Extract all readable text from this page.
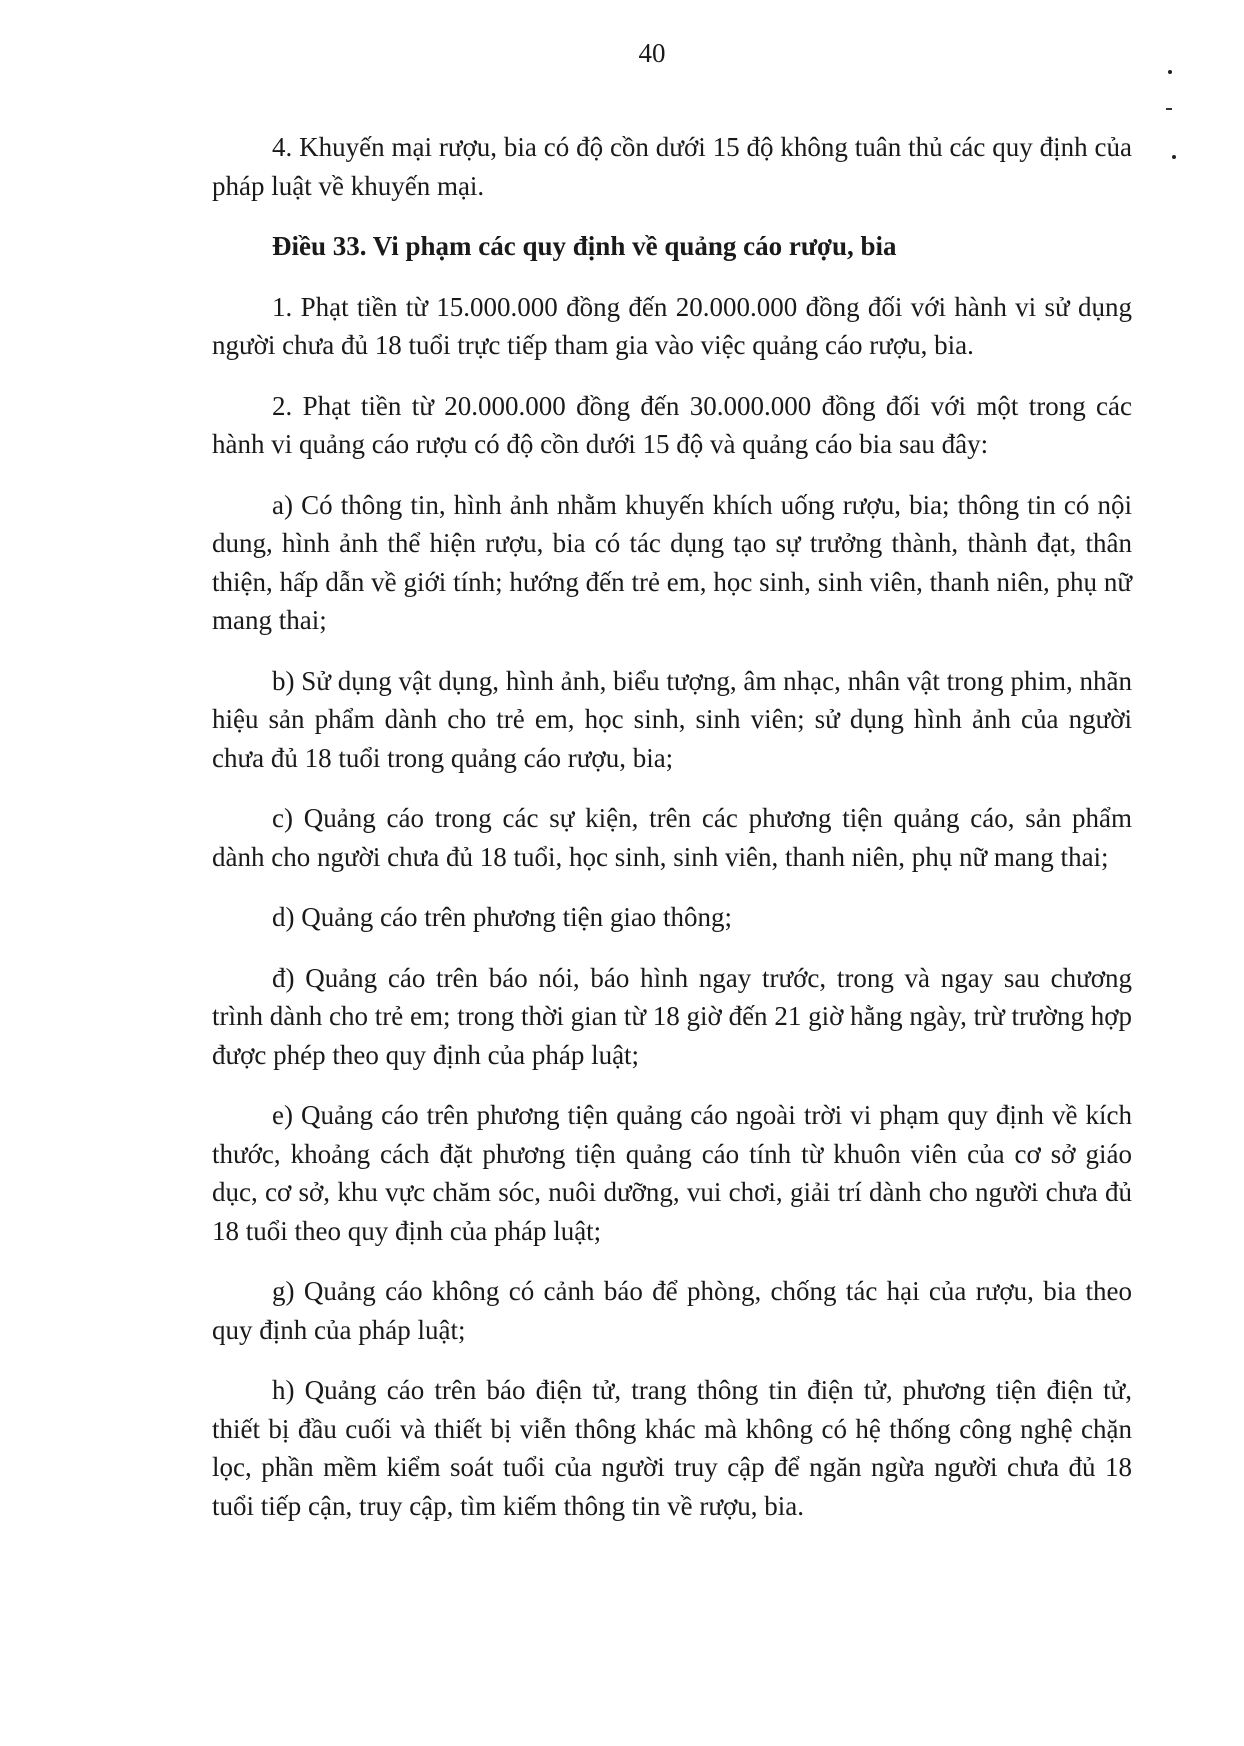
40

4. Khuyến mại rượu, bia có độ cồn dưới 15 độ không tuân thủ các quy định của pháp luật về khuyến mại.

Điều 33. Vi phạm các quy định về quảng cáo rượu, bia

1. Phạt tiền từ 15.000.000 đồng đến 20.000.000 đồng đối với hành vi sử dụng người chưa đủ 18 tuổi trực tiếp tham gia vào việc quảng cáo rượu, bia.

2. Phạt tiền từ 20.000.000 đồng đến 30.000.000 đồng đối với một trong các hành vi quảng cáo rượu có độ cồn dưới 15 độ và quảng cáo bia sau đây:

a) Có thông tin, hình ảnh nhằm khuyến khích uống rượu, bia; thông tin có nội dung, hình ảnh thể hiện rượu, bia có tác dụng tạo sự trưởng thành, thành đạt, thân thiện, hấp dẫn về giới tính; hướng đến trẻ em, học sinh, sinh viên, thanh niên, phụ nữ mang thai;

b) Sử dụng vật dụng, hình ảnh, biểu tượng, âm nhạc, nhân vật trong phim, nhãn hiệu sản phẩm dành cho trẻ em, học sinh, sinh viên; sử dụng hình ảnh của người chưa đủ 18 tuổi trong quảng cáo rượu, bia;

c) Quảng cáo trong các sự kiện, trên các phương tiện quảng cáo, sản phẩm dành cho người chưa đủ 18 tuổi, học sinh, sinh viên, thanh niên, phụ nữ mang thai;

d) Quảng cáo trên phương tiện giao thông;

đ) Quảng cáo trên báo nói, báo hình ngay trước, trong và ngay sau chương trình dành cho trẻ em; trong thời gian từ 18 giờ đến 21 giờ hằng ngày, trừ trường hợp được phép theo quy định của pháp luật;

e) Quảng cáo trên phương tiện quảng cáo ngoài trời vi phạm quy định về kích thước, khoảng cách đặt phương tiện quảng cáo tính từ khuôn viên của cơ sở giáo dục, cơ sở, khu vực chăm sóc, nuôi dưỡng, vui chơi, giải trí dành cho người chưa đủ 18 tuổi theo quy định của pháp luật;

g) Quảng cáo không có cảnh báo để phòng, chống tác hại của rượu, bia theo quy định của pháp luật;

h) Quảng cáo trên báo điện tử, trang thông tin điện tử, phương tiện điện tử, thiết bị đầu cuối và thiết bị viễn thông khác mà không có hệ thống công nghệ chặn lọc, phần mềm kiểm soát tuổi của người truy cập để ngăn ngừa người chưa đủ 18 tuổi tiếp cận, truy cập, tìm kiếm thông tin về rượu, bia.
